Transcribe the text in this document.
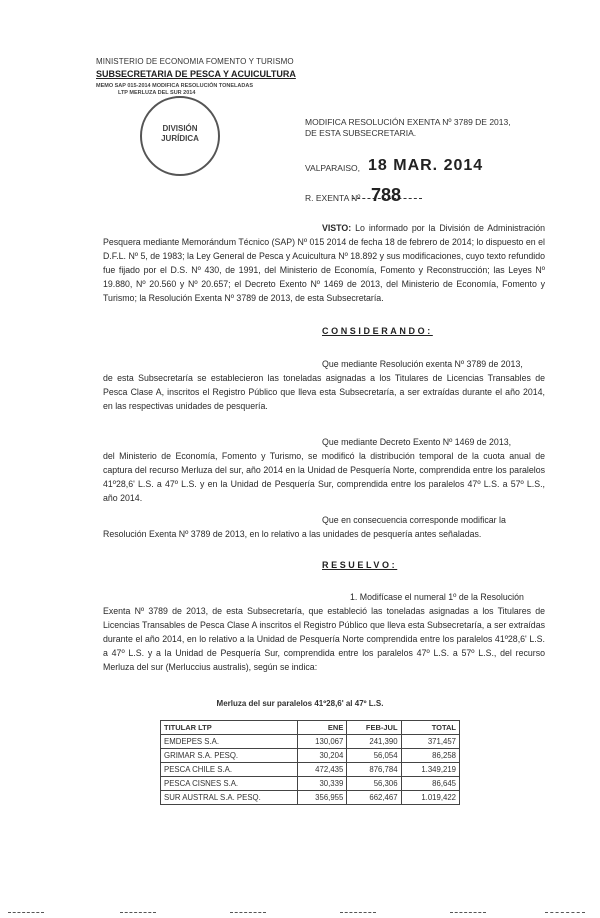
MINISTERIO DE ECONOMIA FOMENTO Y TURISMO
SUBSECRETARIA DE PESCA Y ACUICULTURA
MEMO SAP 015-2014 MODIFICA RESOLUCIÓN TONELADAS
LTP MERLUZA DEL SUR 2014
DIVISIÓN
JURÍDICA
MODIFICA RESOLUCIÓN EXENTA Nº 3789 DE 2013,
DE ESTA SUBSECRETARIA.
VALPARAISO, 18 MAR. 2014
R. EXENTA Nº 788
VISTO: Lo informado por la División de Administración Pesquera mediante Memorándum Técnico (SAP) Nº 015 2014 de fecha 18 de febrero de 2014; lo dispuesto en el D.F.L. Nº 5, de 1983; la Ley General de Pesca y Acuicultura Nº 18.892 y sus modificaciones, cuyo texto refundido fue fijado por el D.S. Nº 430, de 1991, del Ministerio de Economía, Fomento y Reconstrucción; las Leyes Nº 19.880, Nº 20.560 y Nº 20.657; el Decreto Exento Nº 1469 de 2013, del Ministerio de Economía, Fomento y Turismo; la Resolución Exenta Nº 3789 de 2013, de esta Subsecretaría.
CONSIDERANDO:
Que mediante Resolución exenta Nº 3789 de 2013,
de esta Subsecretaría se establecieron las toneladas asignadas a los Titulares de Licencias Transables de Pesca Clase A, inscritos el Registro Público que lleva esta Subsecretaría, a ser extraídas durante el año 2014, en las respectivas unidades de pesquería.
Que mediante Decreto Exento Nº 1469 de 2013,
del Ministerio de Economía, Fomento y Turismo, se modificó la distribución temporal de la cuota anual de captura del recurso Merluza del sur, año 2014 en la Unidad de Pesquería Norte, comprendida entre los paralelos 41º28,6' L.S. a 47º L.S. y en la Unidad de Pesquería Sur, comprendida entre los paralelos 47º L.S. a 57º L.S., año 2014.
Que en consecuencia corresponde modificar la
Resolución Exenta Nº 3789 de 2013, en lo relativo a las unidades de pesquería antes señaladas.
RESUELVO:
1. Modifícase el numeral 1º de la Resolución
Exenta Nº 3789 de 2013, de esta Subsecretaría, que estableció las toneladas asignadas a los Titulares de Licencias Transables de Pesca Clase A inscritos el Registro Público que lleva esta Subsecretaría, a ser extraídas durante el año 2014, en lo relativo a la Unidad de Pesquería Norte comprendida entre los paralelos 41º28,6' L.S. a 47º L.S. y a la Unidad de Pesquería Sur, comprendida entre los paralelos 47º L.S. a 57º L.S., del recurso Merluza del sur (Merluccius australis), según se indica:
Merluza del sur paralelos 41º28,6' al 47º L.S.
TITULAR LTP	ENE	FEB-JUL	TOTAL
EMDEPES S.A.	130,067	241,390	371,457
GRIMAR S.A. PESQ.	30,204	56,054	86,258
PESCA CHILE S.A.	472,435	876,784	1.349,219
PESCA CISNES S.A.	30,339	56,306	86,645
SUR AUSTRAL S.A. PESQ.	356,955	662,467	1.019,422
